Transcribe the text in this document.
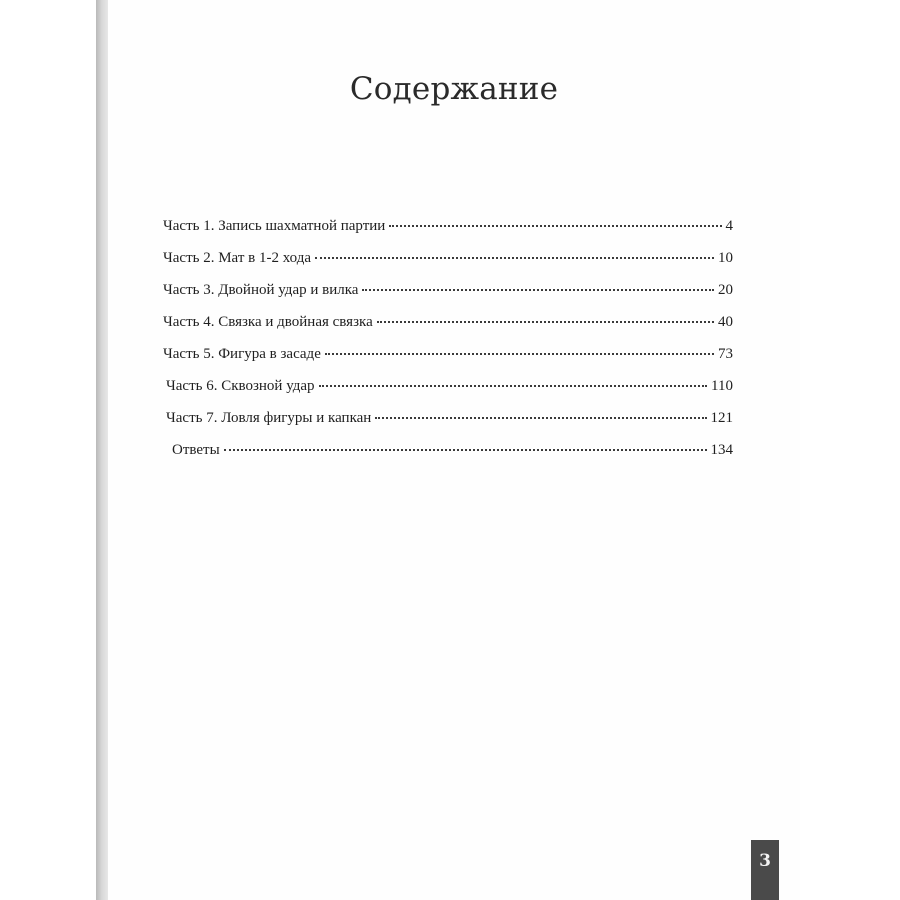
Содержание
Часть 1. Запись шахматной партии	4
Часть 2. Мат в 1-2 хода	10
Часть 3. Двойной удар и вилка	20
Часть 4. Связка и двойная связка	40
Часть 5. Фигура в засаде	73
Часть 6. Сквозной удар	110
Часть 7. Ловля фигуры и капкан	121
Ответы	134
3
